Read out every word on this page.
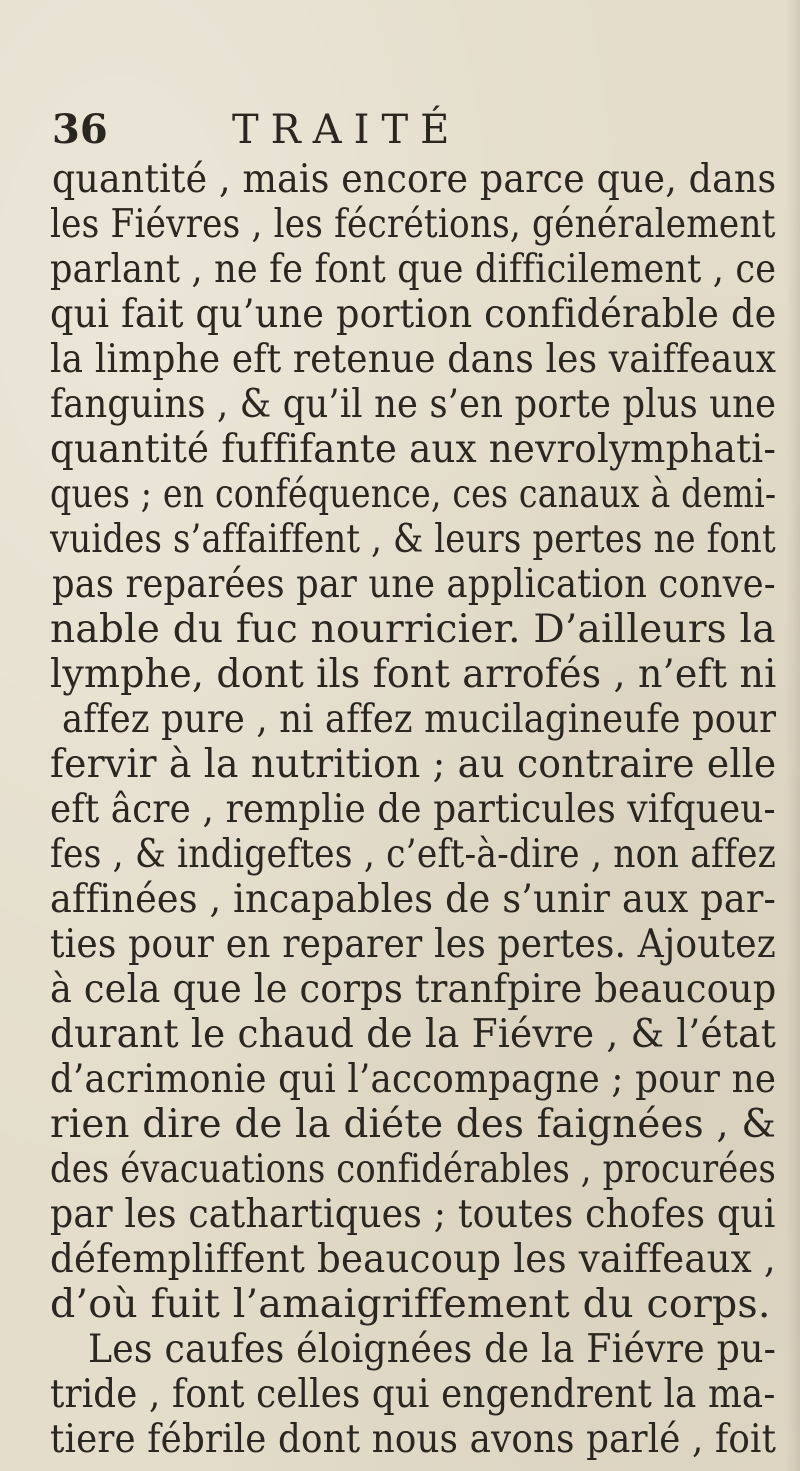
36	TRAITÉ
quantité , mais encore parce que, dans
les Fiévres , les fécrétions, généralement
parlant , ne fe font que difficilement , ce
qui fait qu’une portion confidérable de
la limphe eft retenue dans les vaiffeaux
fanguins , & qu’il ne s’en porte plus une
quantité fuffifante aux nevrolymphati-
ques ; en conféquence, ces canaux à demi-
vuides s’affaiffent , & leurs pertes ne font
pas reparées par une application conve-
nable du fuc nourricier. D’ailleurs la
lymphe, dont ils font arrofés , n’eft ni
affez pure , ni affez mucilagineufe pour
fervir à la nutrition ; au contraire elle
eft âcre , remplie de particules vifqueu-
fes , & indigeftes , c’eft-à-dire , non affez
affinées , incapables de s’unir aux par-
ties pour en reparer les pertes. Ajoutez
à cela que le corps tranfpire beaucoup
durant le chaud de la Fiévre , & l’état
d’acrimonie qui l’accompagne ; pour ne
rien dire de la diéte des faignées , &
des évacuations confidérables , procurées
par les cathartiques ; toutes chofes qui
défempliffent beaucoup les vaiffeaux ,
d’où fuit l’amaigriffement du corps.
Les caufes éloignées de la Fiévre pu-
tride , font celles qui engendrent la ma-
tiere fébrile dont nous avons parlé , foit
